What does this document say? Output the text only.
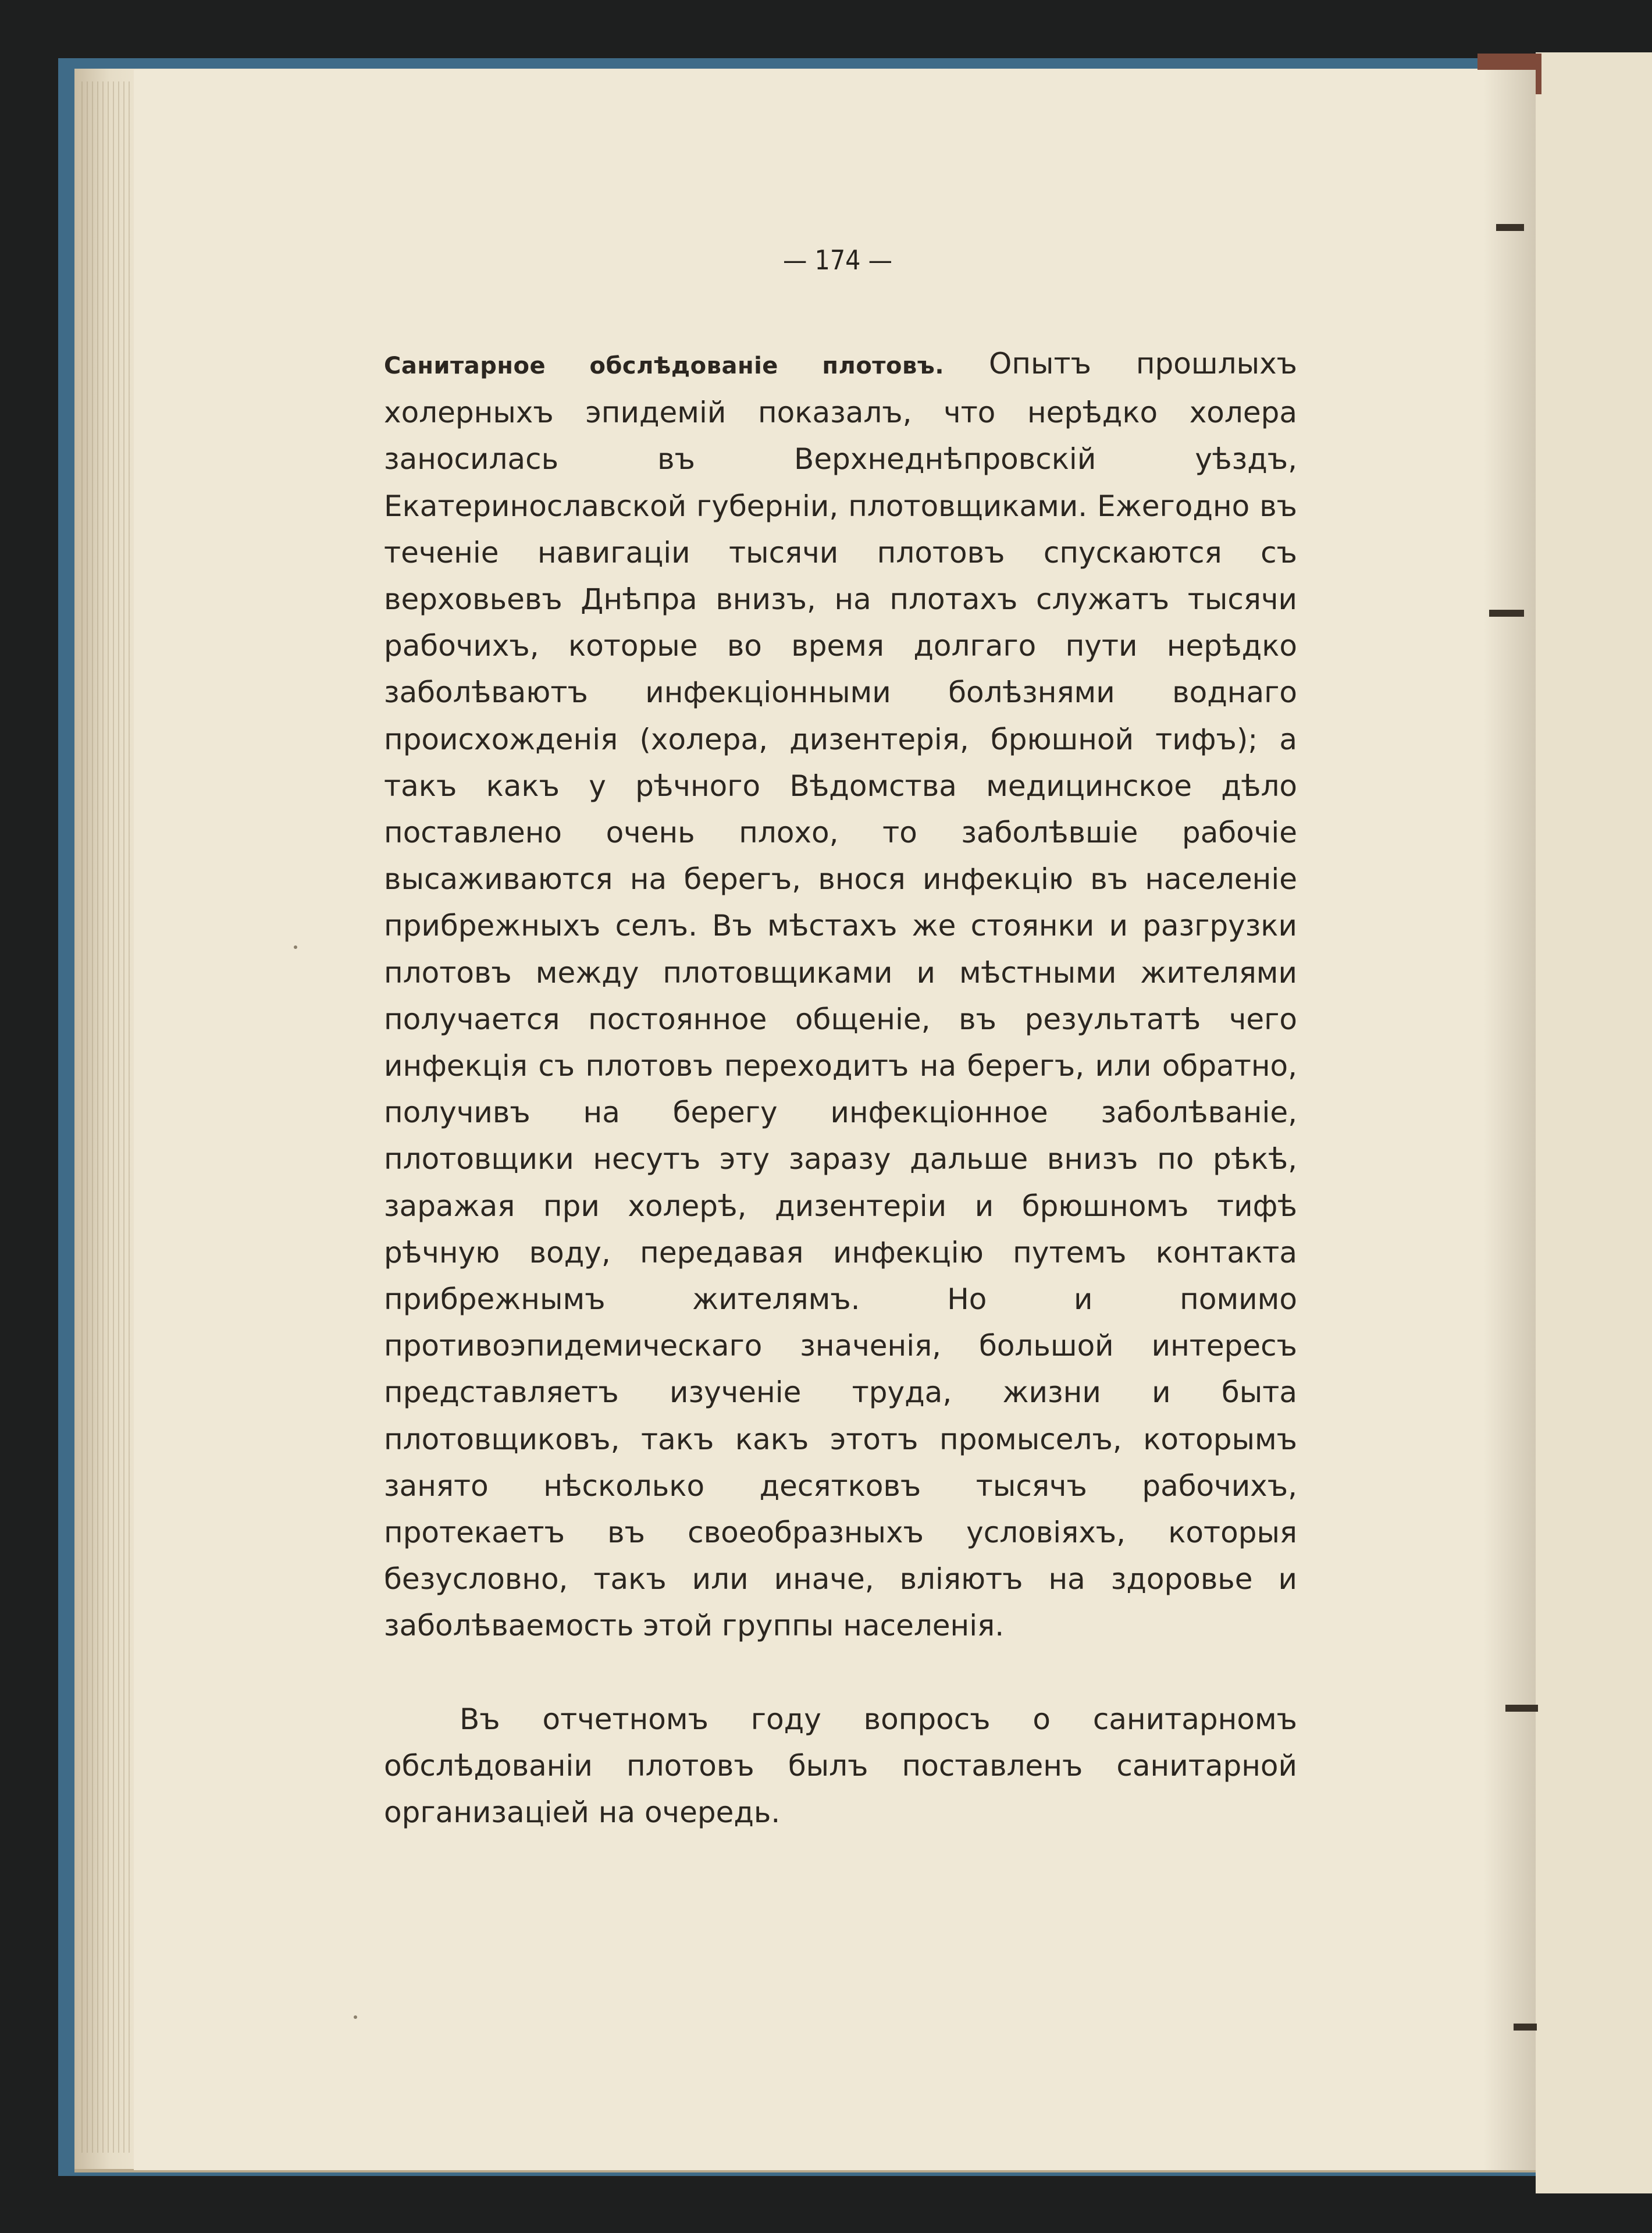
— 174 —

Санитарное обслѣдованіе плотовъ. Опытъ прошлыхъ холерныхъ эпидемій показалъ, что нерѣдко холера заносилась въ Верхнеднѣпровскій уѣздъ, Екатеринославской губерніи, плотовщиками. Ежегодно въ теченіе навигаціи тысячи плотовъ спускаются съ верховьевъ Днѣпра внизъ, на плотахъ служатъ тысячи рабочихъ, которые во время долгаго пути нерѣдко заболѣваютъ инфекціонными болѣзнями воднаго происхожденія (холера, дизентерія, брюшной тифъ); а такъ какъ у рѣчного Вѣдомства медицинское дѣло поставлено очень плохо, то заболѣвшіе рабочіе высаживаются на берегъ, внося инфекцію въ населеніе прибрежныхъ селъ. Въ мѣстахъ же стоянки и разгрузки плотовъ между плотовщиками и мѣстными жителями получается постоянное общеніе, въ результатѣ чего инфекція съ плотовъ переходитъ на берегъ, или обратно, получивъ на берегу инфекціонное заболѣваніе, плотовщики несутъ эту заразу дальше внизъ по рѣкѣ, заражая при холерѣ, дизентеріи и брюшномъ тифѣ рѣчную воду, передавая инфекцію путемъ контакта прибрежнымъ жителямъ. Но и помимо противоэпидемическаго значенія, большой интересъ представляетъ изученіе труда, жизни и быта плотовщиковъ, такъ какъ этотъ промыселъ, которымъ занято нѣсколько десятковъ тысячъ рабочихъ, протекаетъ въ своеобразныхъ условіяхъ, которыя безусловно, такъ или иначе, вліяютъ на здоровье и заболѣваемость этой группы населенія.

Въ отчетномъ году вопросъ о санитарномъ обслѣдованіи плотовъ былъ поставленъ санитарной организаціей на очередь.
